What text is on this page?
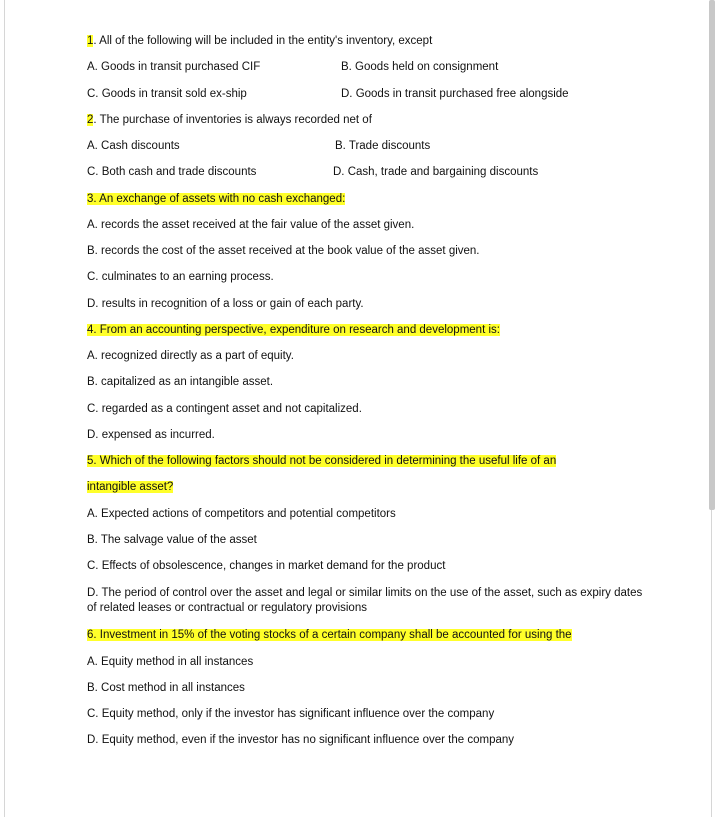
1. All of the following will be included in the entity's inventory, except
A. Goods in transit purchased CIF	B. Goods held on consignment
C. Goods in transit sold ex-ship	D. Goods in transit purchased free alongside
2. The purchase of inventories is always recorded net of
A. Cash discounts	B. Trade discounts
C. Both cash and trade discounts	D. Cash, trade and bargaining discounts
3. An exchange of assets with no cash exchanged:
A. records the asset received at the fair value of the asset given.
B. records the cost of the asset received at the book value of the asset given.
C. culminates to an earning process.
D. results in recognition of a loss or gain of each party.
4. From an accounting perspective, expenditure on research and development is:
A. recognized directly as a part of equity.
B. capitalized as an intangible asset.
C. regarded as a contingent asset and not capitalized.
D. expensed as incurred.
5. Which of the following factors should not be considered in determining the useful life of an
intangible asset?
A. Expected actions of competitors and potential competitors
B. The salvage value of the asset
C. Effects of obsolescence, changes in market demand for the product
D. The period of control over the asset and legal or similar limits on the use of the asset, such as expiry dates of related leases or contractual or regulatory provisions
6. Investment in 15% of the voting stocks of a certain company shall be accounted for using the
A. Equity method in all instances
B. Cost method in all instances
C. Equity method, only if the investor has significant influence over the company
D. Equity method, even if the investor has no significant influence over the company
